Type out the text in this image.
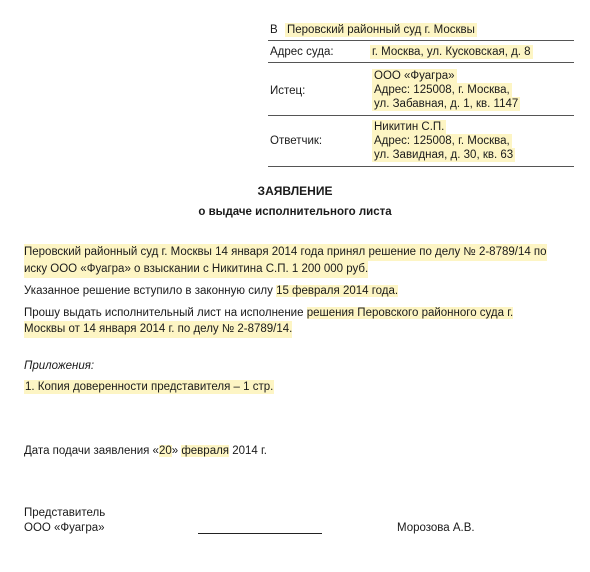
В Перовский районный суд г. Москвы
Адрес суда:	г. Москва, ул. Кусковская, д. 8
Истец:
ООО «Фуагра»
Адрес: 125008, г. Москва,
ул. Забавная, д. 1, кв. 1147
Ответчик:
Никитин С.П.
Адрес: 125008, г. Москва,
ул. Завидная, д. 30, кв. 63
ЗАЯВЛЕНИЕ
о выдаче исполнительного листа
Перовский районный суд г. Москвы 14 января 2014 года принял решение по делу № 2-8789/14 по
иску ООО «Фуагра» о взыскании с Никитина С.П. 1 200 000 руб.
Указанное решение вступило в законную силу 15 февраля 2014 года.
Прошу выдать исполнительный лист на исполнение решения Перовского районного суда г.
Москвы от 14 января 2014 г. по делу № 2-8789/14.
Приложения:
1. Копия доверенности представителя – 1 стр.
Дата подачи заявления «20» февраля 2014 г.
Представитель
ООО «Фуагра»	Морозова А.В.
